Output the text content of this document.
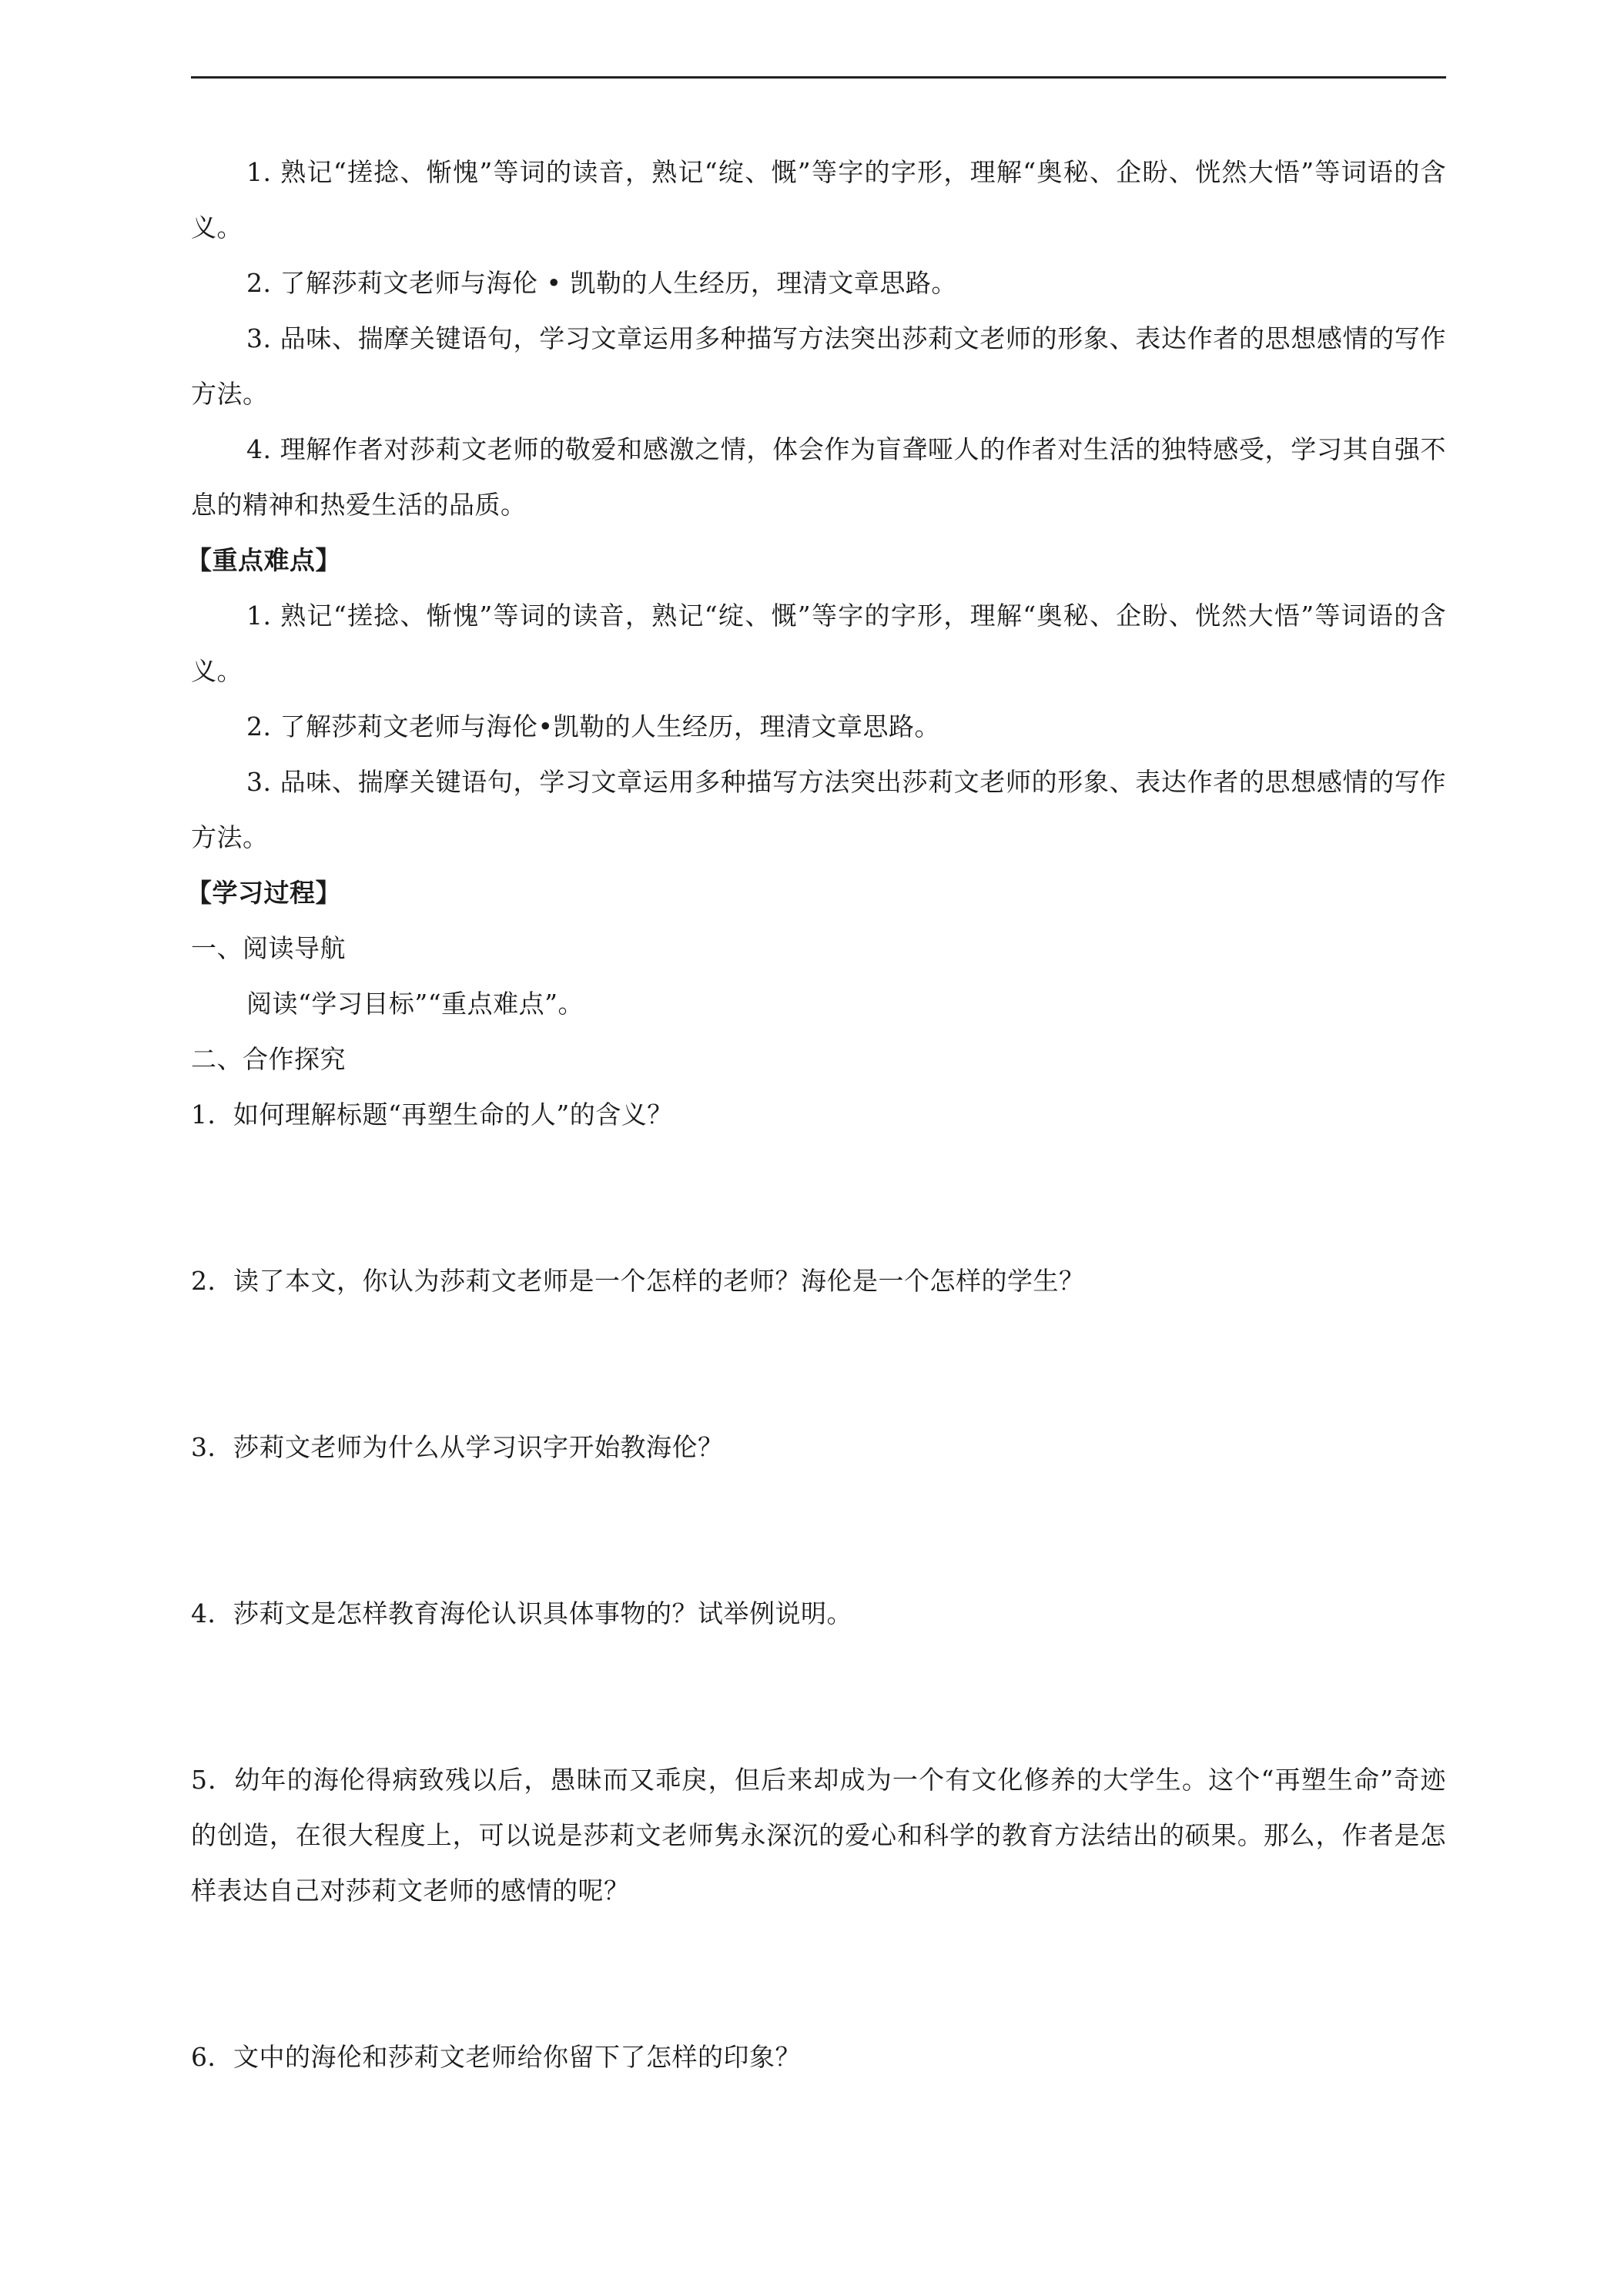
1. 熟记“搓捻、惭愧”等词的读音，熟记“绽、慨”等字的字形，理解“奥秘、企盼、恍然大悟”等词语的含义。

2. 了解莎莉文老师与海伦 • 凯勒的人生经历，理清文章思路。

3. 品味、揣摩关键语句，学习文章运用多种描写方法突出莎莉文老师的形象、表达作者的思想感情的写作方法。

4. 理解作者对莎莉文老师的敬爱和感激之情，体会作为盲聋哑人的作者对生活的独特感受，学习其自强不息的精神和热爱生活的品质。

【重点难点】

1. 熟记“搓捻、惭愧”等词的读音，熟记“绽、慨”等字的字形，理解“奥秘、企盼、恍然大悟”等词语的含义。

2. 了解莎莉文老师与海伦•凯勒的人生经历，理清文章思路。

3. 品味、揣摩关键语句，学习文章运用多种描写方法突出莎莉文老师的形象、表达作者的思想感情的写作方法。

【学习过程】

一、阅读导航

阅读“学习目标”“重点难点”。

二、合作探究

1．如何理解标题“再塑生命的人”的含义？

2．读了本文，你认为莎莉文老师是一个怎样的老师？海伦是一个怎样的学生？

3．莎莉文老师为什么从学习识字开始教海伦？

4．莎莉文是怎样教育海伦认识具体事物的？试举例说明。

5．幼年的海伦得病致残以后，愚昧而又乖戾，但后来却成为一个有文化修养的大学生。这个“再塑生命”奇迹的创造，在很大程度上，可以说是莎莉文老师隽永深沉的爱心和科学的教育方法结出的硕果。那么，作者是怎样表达自己对莎莉文老师的感情的呢？

6．文中的海伦和莎莉文老师给你留下了怎样的印象？
